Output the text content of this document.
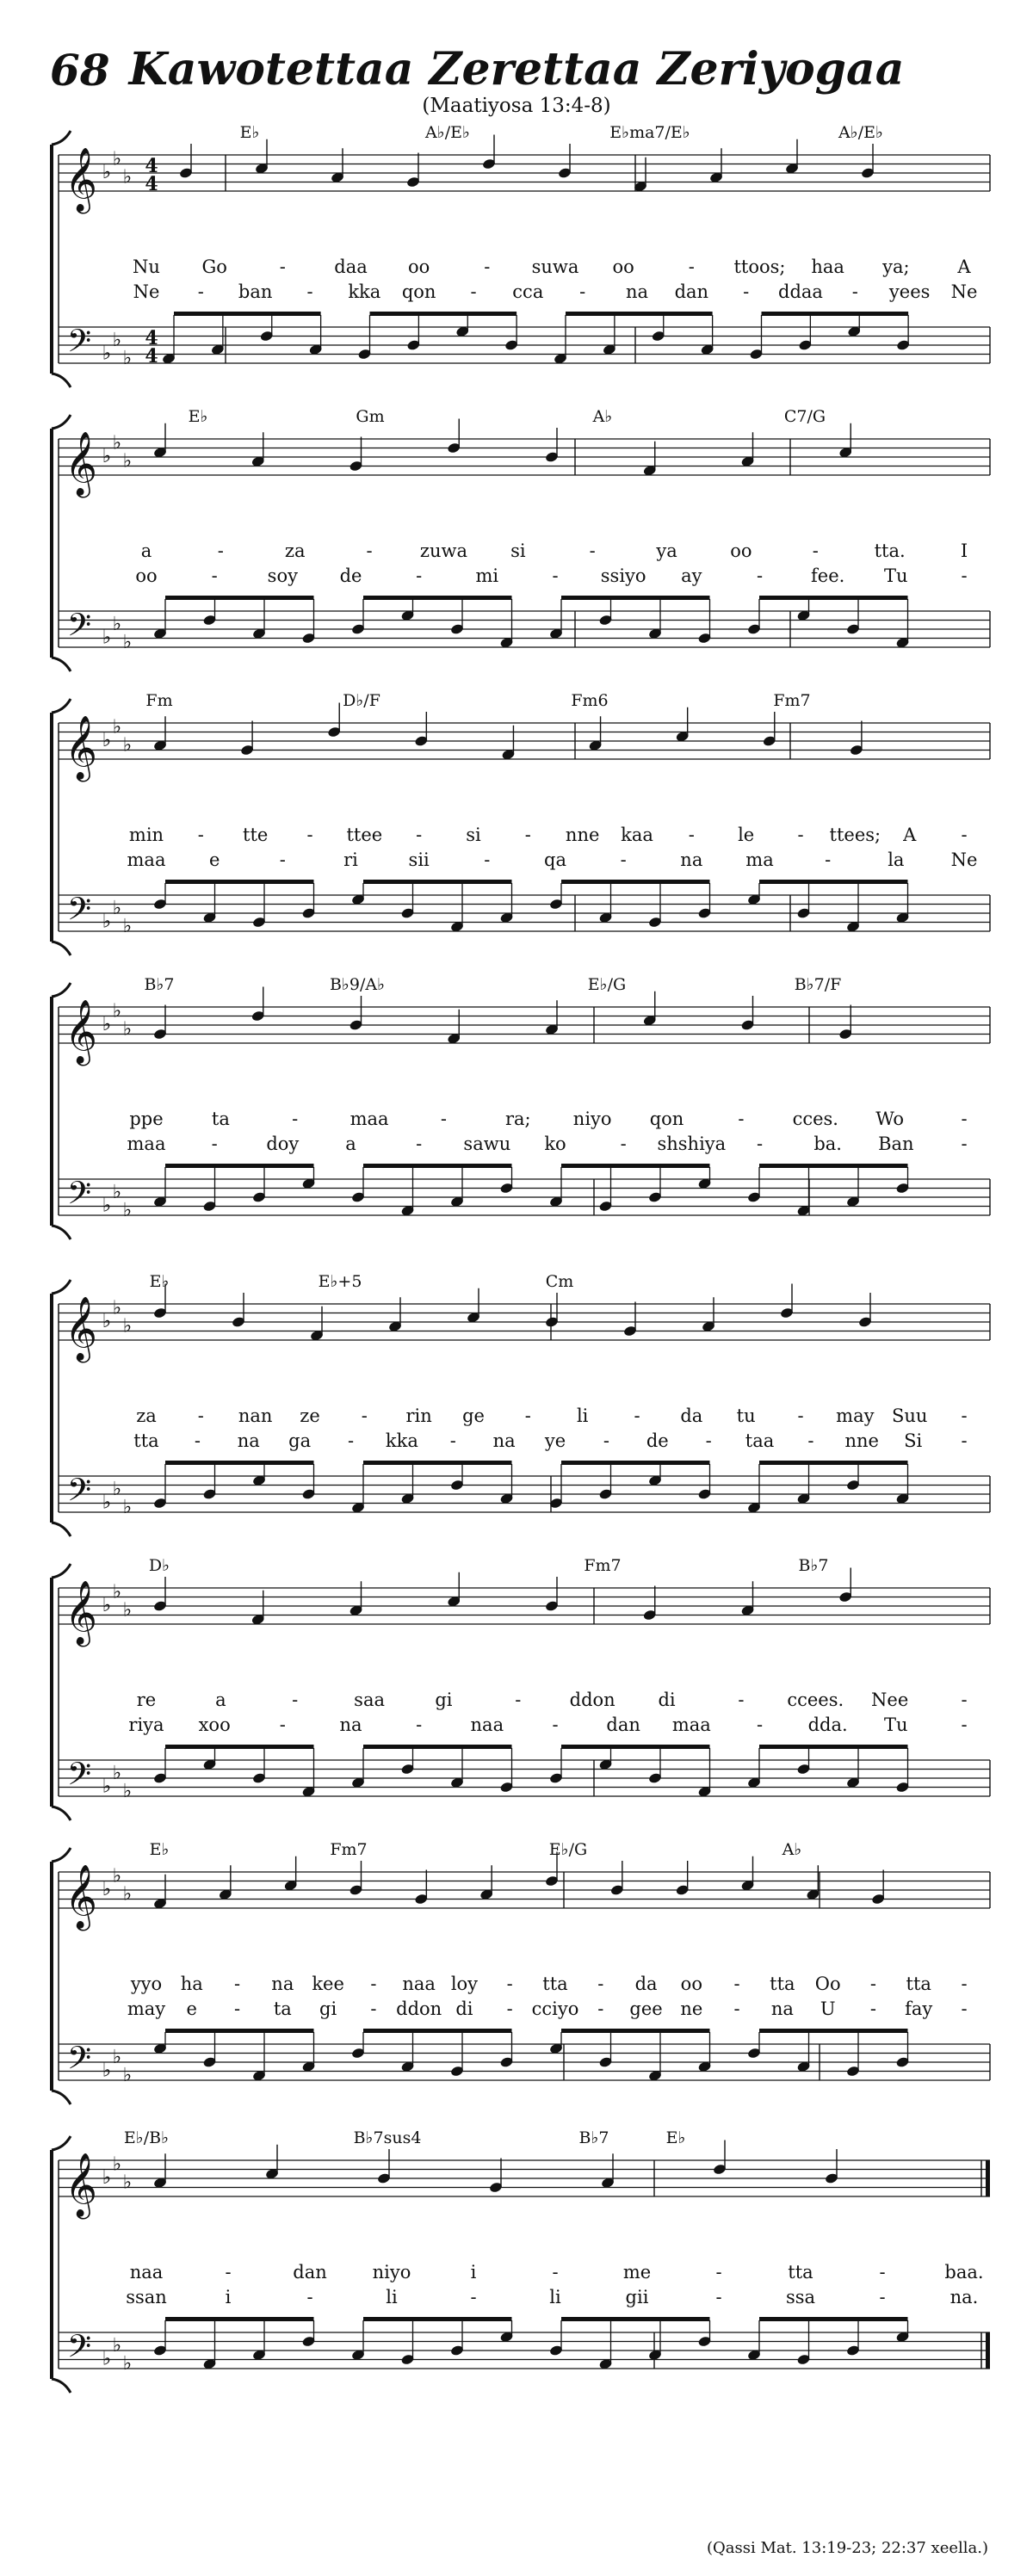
68 Kawotettaa Zerettaa Zeriyogaa
(Maatiyosa 13:4-8)
𝄞
𝄢
♭
♭
♭
♭
♭
♭
4
4
4
4
E♭	A♭/E♭	E♭ma7/E♭	A♭/E♭
Nu Go	-	daa oo	- suwa oo	- ttoos; haa ya;	A
Ne - ban - kka qon - cca - na dan - ddaa - yees Ne
𝄞
𝄢
♭
♭
♭
♭
♭
♭
E♭	Gm	A♭	C7/G
a	-	za	-	zuwa si	-	ya	oo	-	tta.	I
oo	-	soy de	-	mi	- ssiyo ay	-	fee. Tu	-
𝄞
𝄢
♭
♭
♭
♭
♭
♭
Fm	D♭/F	Fm6	Fm7
min - tte - ttee - si - nne kaa - le - ttees; A -
maa e	-	ri	sii	-	qa	-	na ma	-	la	Ne
𝄞
𝄢
♭
♭
♭
♭
♭
♭
B♭7	B♭9/A♭	E♭/G	B♭7/F
ppe	ta	-	maa	-	ra; niyo qon	-	cces. Wo	-
maa	-	doy	a	- sawu ko	- shshiya -	ba. Ban	-
𝄞
𝄢
♭
♭
♭
♭
♭
♭
E♭	E♭+5	Cm
za - nan ze - rin ge -	li	- da tu - may Suu -
tta - na ga - kka - na ye - de - taa - nne Si -
𝄞
𝄢
♭
♭
♭
♭
♭
♭
D♭	Fm7	B♭7
re	a	-	saa	gi	-	ddon di	- ccees. Nee	-
riya xoo	-	na	-	naa	-	dan maa	-	dda. Tu	-
𝄞
𝄢
♭
♭
♭
♭
♭
♭
E♭	Fm7	E♭/G	A♭
yyo ha - na kee - naa loy - tta - da oo - tta Oo - tta -
may e - ta gi - ddon di - cciyo - gee ne - na U - fay -
𝄞
𝄢
♭
♭
♭
♭
♭
♭
E♭/B♭	B♭7sus4	B♭7	E♭
naa	-	dan	niyo	i	-	me	-	tta	-	baa.
ssan	i	-	li	-	li	gii	-	ssa	-	na.
(Qassi Mat. 13:19-23; 22:37 xeella.)
